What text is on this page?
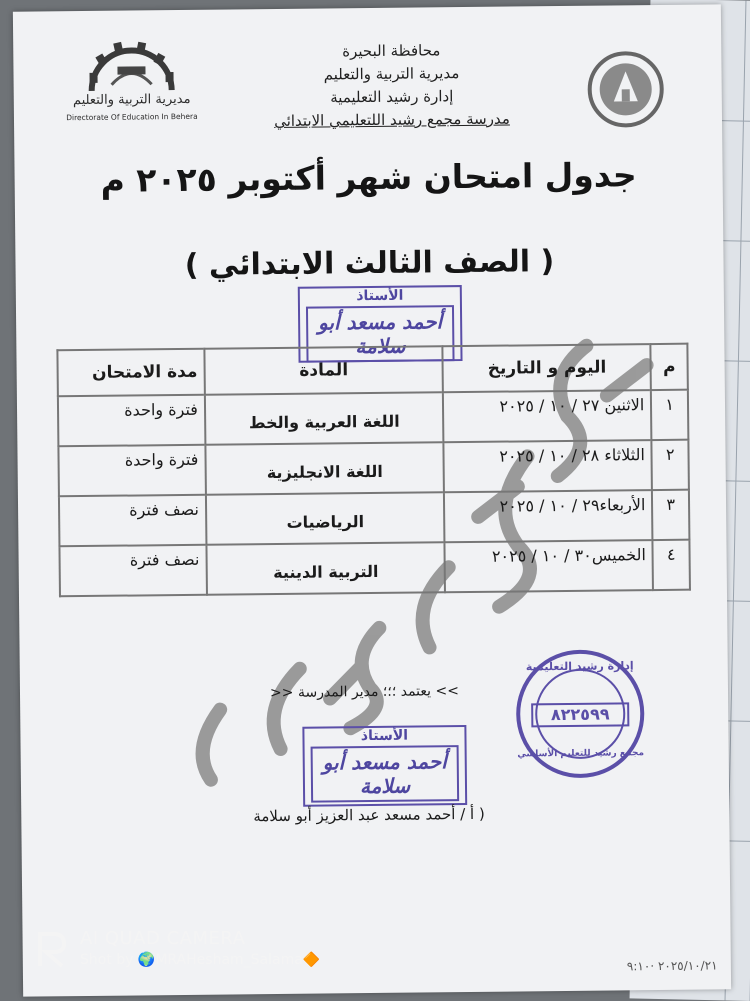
مديرية التربية والتعليم
Directorate Of Education In Behera
محافظة البحيرة
مديرية التربية والتعليم
إدارة رشيد التعليمية
مدرسة مجمع رشيد اللتعليمي الابتدائي
جدول امتحان شهر أكتوبر ٢٠٢٥ م
( الصف الثالث الابتدائي )
الأستاذ
أحمد مسعد أبو سلامة
م	اليوم و التاريخ	المادة	مدة الامتحان
١	الاثنين ٢٧ / ١٠ / ٢٠٢٥	اللغة العربية والخط	فترة واحدة
٢	الثلاثاء ٢٨ / ١٠ / ٢٠٢٥	اللغة الانجليزية	فترة واحدة
٣	الأربعاء٢٩ / ١٠ / ٢٠٢٥	الرياضيات	نصف فترة
٤	الخميس٣٠ / ١٠ / ٢٠٢٥	التربية الدينية	نصف فترة
>> يعتمد ؛؛؛ مدير المدرسة <<
٨٢٢٥٩٩
إدارة رشيد التعليمية
مجمع رشيد للتعليم الأساسي
الأستاذ
أحمد مسعد أبو سلامة
( أ / أحمد مسعد عبد العزيز أبو سلامة
٢٠٢٥/١٠/٢١ ·٩:١٠
AI QUAD CAMERA
Shot by 🌍MRAHesham_Salama🔶
